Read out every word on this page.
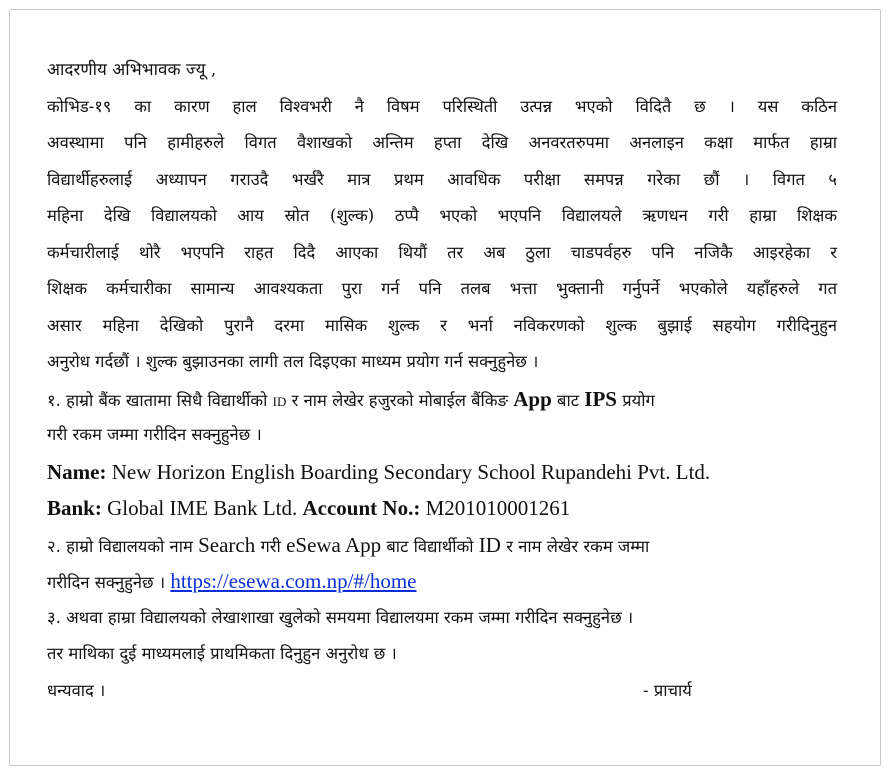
आदरणीय अभिभावक ज्यू ,
कोभिड-१९ का कारण हाल विश्वभरी नै विषम परिस्थिती उत्पन्न भएको विदितै छ । यस कठिन
अवस्थामा पनि हामीहरुले विगत वैशाखको अन्तिम हप्ता देखि अनवरतरुपमा अनलाइन कक्षा मार्फत हाम्रा
विद्यार्थीहरुलाई अध्यापन गराउदै भर्खरै मात्र प्रथम आवधिक परीक्षा समपन्न गरेका छौं । विगत ५
महिना देखि विद्यालयको आय स्रोत (शुल्क) ठप्पै भएको भएपनि विद्यालयले ऋणधन गरी हाम्रा शिक्षक
कर्मचारीलाई थोरै भएपनि राहत दिदै आएका थियौं तर अब ठुला चाडपर्वहरु पनि नजिकै आइरहेका र
शिक्षक कर्मचारीका सामान्य आवश्यकता पुरा गर्न पनि तलब भत्ता भुक्तानी गर्नुपर्ने भएकोले यहाँहरुले गत
असार महिना देखिको पुरानै दरमा मासिक शुल्क र भर्ना नविकरणको शुल्क बुझाई सहयोग गरीदिनुहुन
अनुरोध गर्दछौं । शुल्क बुझाउनका लागी तल दिइएका माध्यम प्रयोग गर्न सक्नुहुनेछ ।
१. हाम्रो बैंक खातामा सिधै विद्यार्थीको ID र नाम लेखेर हजुरको मोबाईल बैंकिङ App बाट IPS प्रयोग
गरी रकम जम्मा गरीदिन सक्नुहुनेछ ।
Name: New Horizon English Boarding Secondary School Rupandehi Pvt. Ltd.
Bank: Global IME Bank Ltd. Account No.: M201010001261
२. हाम्रो विद्यालयको नाम Search गरी eSewa App बाट विद्यार्थीको ID र नाम लेखेर रकम जम्मा
गरीदिन सक्नुहुनेछ । https://esewa.com.np/#/home
३. अथवा हाम्रा विद्यालयको लेखाशाखा खुलेको समयमा विद्यालयमा रकम जम्मा गरीदिन सक्नुहुनेछ ।
तर माथिका दुई माध्यमलाई प्राथमिकता दिनुहुन अनुरोध छ ।
धन्यवाद ।	- प्राचार्य
